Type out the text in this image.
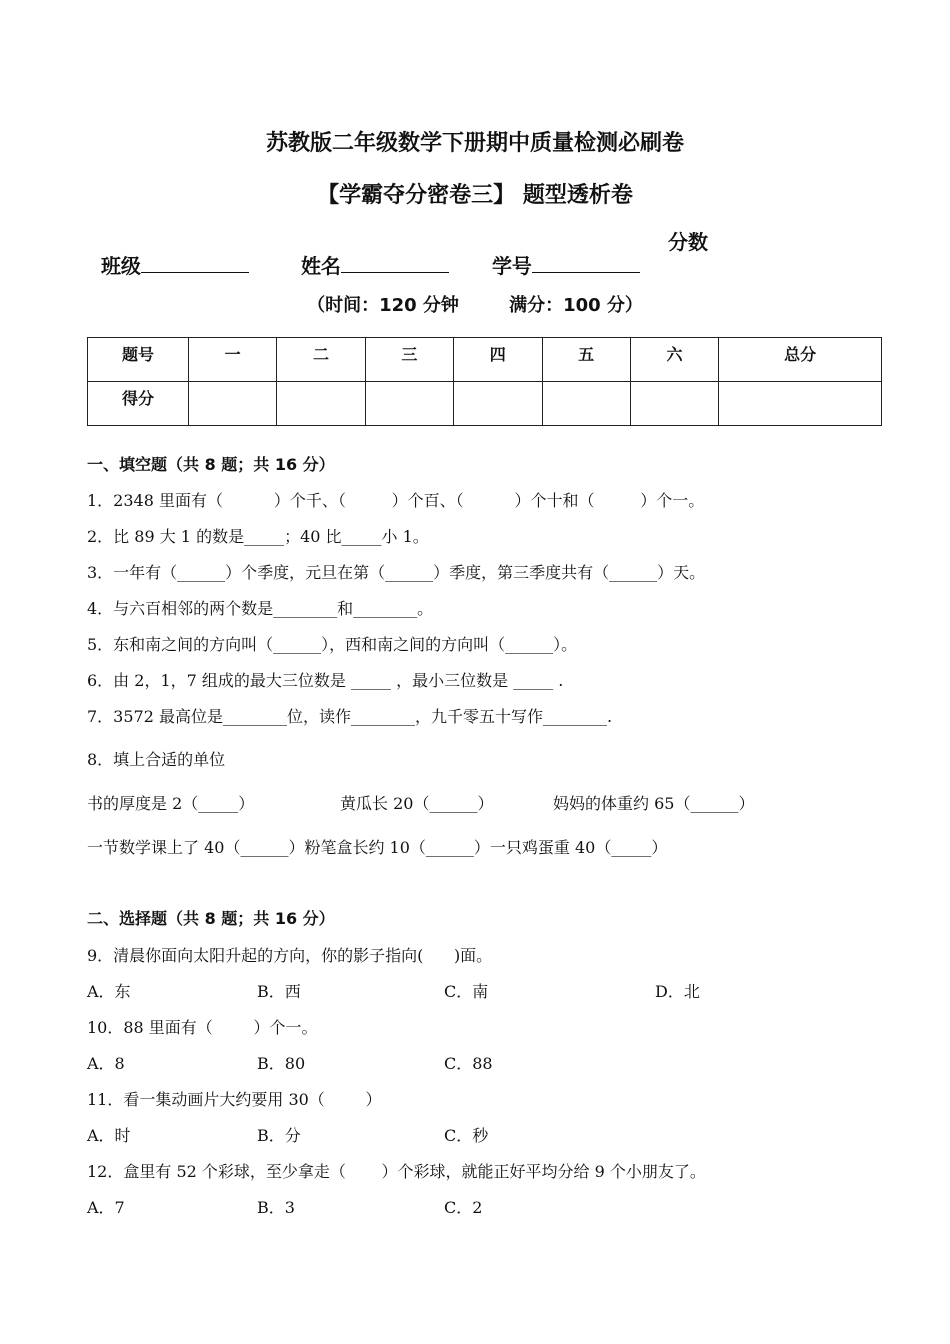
苏教版二年级数学下册期中质量检测必刷卷
【学霸夺分密卷三】 题型透析卷

班级	姓名	学号

分数
（时间：120 分钟        满分：100 分）
题号	一	二	三	四	五	六	总分
得分							
一、填空题（共 8 题；共 16 分）
1．2348 里面有（          ）个千、（         ）个百、（          ）个十和（         ）个一。
2．比 89 大 1 的数是_____；40 比_____小 1。
3．一年有（______）个季度，元旦在第（______）季度，第三季度共有（______）天。
4．与六百相邻的两个数是________和________。
5．东和南之间的方向叫（______），西和南之间的方向叫（______）。
6．由 2，1，7 组成的最大三位数是 _____ ，最小三位数是 _____ .
7．3572 最高位是________位，读作________，九千零五十写作________.
8．填上合适的单位
书的厚度是 2（_____）	黄瓜长 20（______）	妈妈的体重约 65（______）
一节数学课上了 40（______）粉笔盒长约 10（______）一只鸡蛋重 40（_____）
二、选择题（共 8 题；共 16 分）
9．清晨你面向太阳升起的方向，你的影子指向(      )面。
A．东	B．西	C．南	D．北
10．88 里面有（        ）个一。
A．8	B．80	C．88
11．看一集动画片大约要用 30（        ）
A．时	B．分	C．秒
12．盒里有 52 个彩球，至少拿走（       ）个彩球，就能正好平均分给 9 个小朋友了。
A．7	B．3	C．2
